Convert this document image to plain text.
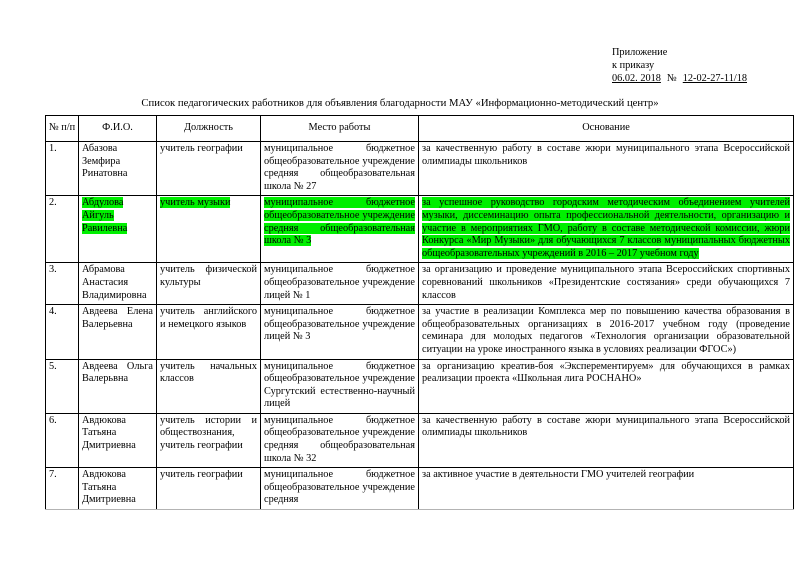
Приложение
к приказу
06.02. 2018 № 12-02-27-11/18
Список педагогических работников для объявления благодарности МАУ «Информационно-методический центр»
№ п/п	Ф.И.О.	Должность	Место работы	Основание
1.	Абазова Земфира Ринатовна	учитель географии	муниципальное бюджетное общеобразовательное учреждение средняя общеобразовательная школа № 27	за качественную работу в составе жюри муниципального этапа Всероссийской олимпиады школьников
2.	Абдулова Айгуль Равилевна	учитель музыки	муниципальное бюджетное общеобразовательное учреждение средняя общеобразовательная школа № 3	за успешное руководство городским методическим объединением учителей музыки, диссеминацию опыта профессиональной деятельности, организацию и участие в мероприятиях ГМО, работу в составе методической комиссии, жюри Конкурса «Мир Музыки» для обучающихся 7 классов муниципальных бюджетных общеобразовательных учреждений в 2016 – 2017 учебном году
3.	Абрамова Анастасия Владимировна	учитель физической культуры	муниципальное бюджетное общеобразовательное учреждение лицей № 1	за организацию и проведение муниципального этапа Всероссийских спортивных соревнований школьников «Президентские состязания» среди обучающихся 7 классов
4.	Авдеева Елена Валерьевна	учитель английского и немецкого языков	муниципальное бюджетное общеобразовательное учреждение лицей № 3	за участие в реализации Комплекса мер по повышению качества образования в общеобразовательных организациях в 2016-2017 учебном году (проведение семинара для молодых педагогов «Технология организации образовательной ситуации на уроке иностранного языка в условиях реализации ФГОС»)
5.	Авдеева Ольга Валерьвна	учитель начальных классов	муниципальное бюджетное общеобразовательное учреждение Сургутский естественно-научный лицей	за организацию креатив-боя «Эксперементируем» для обучающихся в рамках реализации проекта «Школьная лига РОСНАНО»
6.	Авдюкова Татьяна Дмитриевна	учитель истории и обществознания, учитель географии	муниципальное бюджетное общеобразовательное учреждение средняя общеобразовательная школа № 32	за качественную работу в составе жюри муниципального этапа Всероссийской олимпиады школьников
7.	Авдюкова Татьяна Дмитриевна	учитель географии	муниципальное бюджетное общеобразовательное учреждение средняя	за активное участие в деятельности ГМО учителей географии
